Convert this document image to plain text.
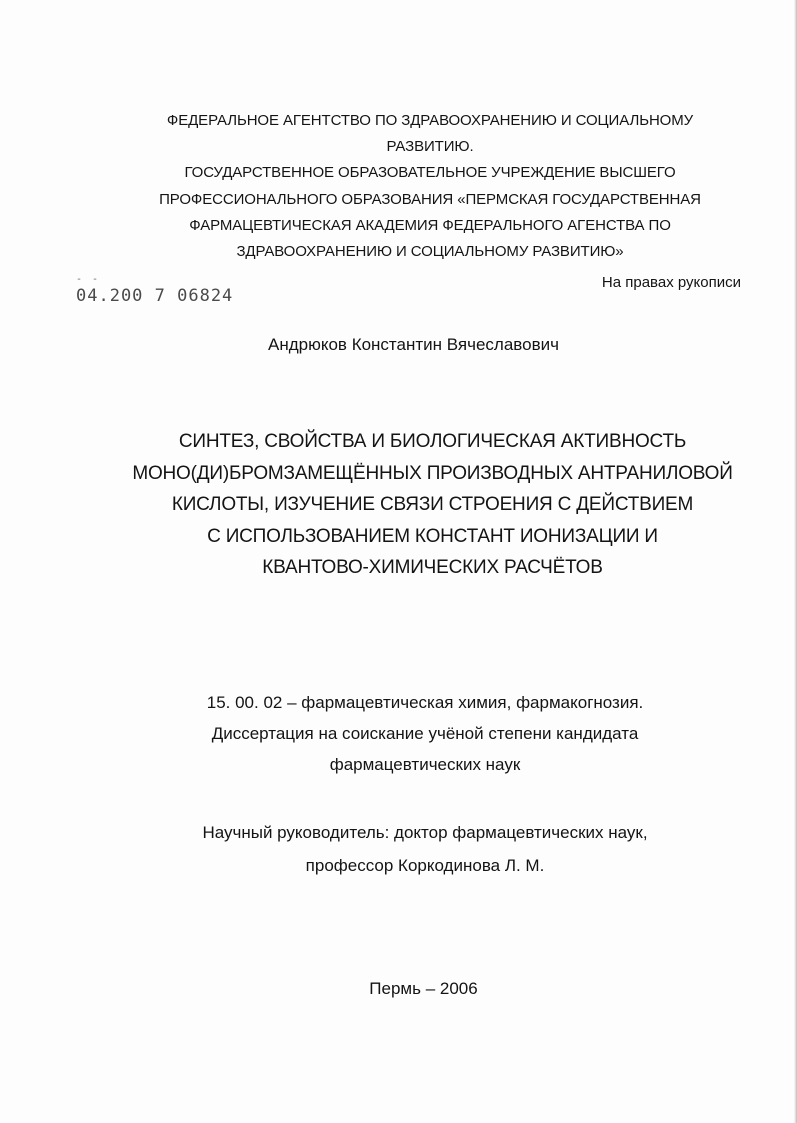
ФЕДЕРАЛЬНОЕ АГЕНТСТВО ПО ЗДРАВООХРАНЕНИЮ И СОЦИАЛЬНОМУ
РАЗВИТИЮ.
ГОСУДАРСТВЕННОЕ ОБРАЗОВАТЕЛЬНОЕ УЧРЕЖДЕНИЕ ВЫСШЕГО
ПРОФЕССИОНАЛЬНОГО ОБРАЗОВАНИЯ «ПЕРМСКАЯ ГОСУДАРСТВЕННАЯ
ФАРМАЦЕВТИЧЕСКАЯ АКАДЕМИЯ ФЕДЕРАЛЬНОГО АГЕНСТВА ПО
ЗДРАВООХРАНЕНИЮ И СОЦИАЛЬНОМУ РАЗВИТИЮ»
На правах рукописи
- -
04.200 7 06824
Андрюков Константин Вячеславович
СИНТЕЗ, СВОЙСТВА И БИОЛОГИЧЕСКАЯ АКТИВНОСТЬ
МОНО(ДИ)БРОМЗАМЕЩЁННЫХ ПРОИЗВОДНЫХ АНТРАНИЛОВОЙ
КИСЛОТЫ, ИЗУЧЕНИЕ СВЯЗИ СТРОЕНИЯ С ДЕЙСТВИЕМ
С ИСПОЛЬЗОВАНИЕМ КОНСТАНТ ИОНИЗАЦИИ И
КВАНТОВО-ХИМИЧЕСКИХ РАСЧЁТОВ
15. 00. 02 – фармацевтическая химия, фармакогнозия.
Диссертация на соискание учёной степени кандидата
фармацевтических наук
Научный руководитель: доктор фармацевтических наук,
профессор Коркодинова Л. М.
Пермь – 2006
